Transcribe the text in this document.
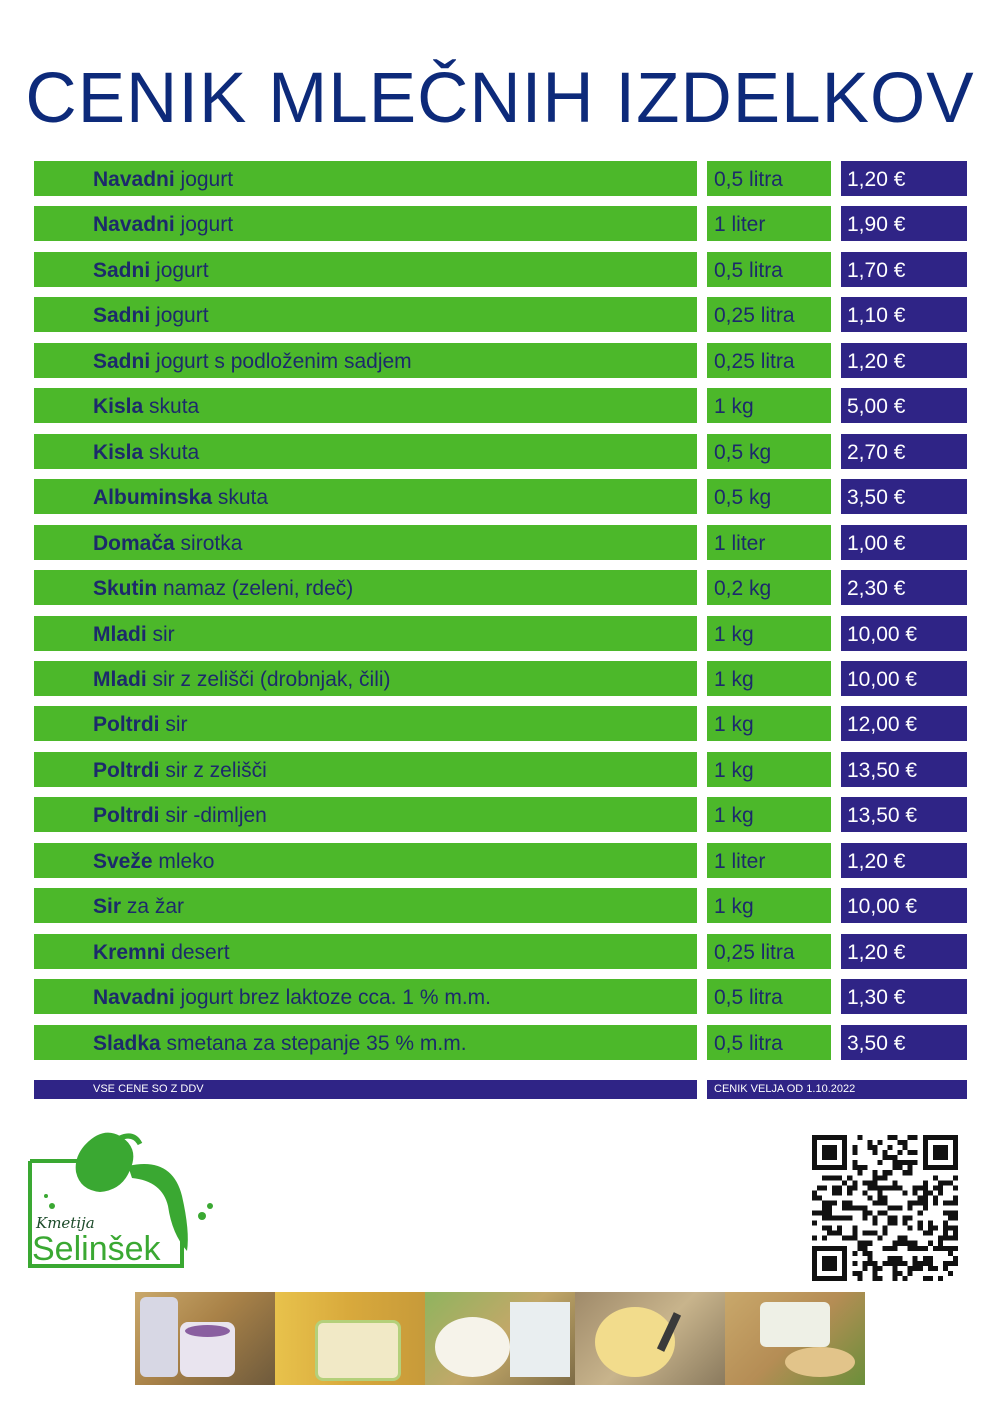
CENIK MLEČNIH IZDELKOV
Navadni jogurt	0,5 litra	1,20 €
Navadni jogurt	1 liter	1,90 €
Sadni jogurt	0,5 litra	1,70 €
Sadni jogurt	0,25 litra	1,10 €
Sadni jogurt s podloženim sadjem	0,25 litra	1,20 €
Kisla skuta	1 kg	5,00 €
Kisla skuta	0,5 kg	2,70 €
Albuminska skuta	0,5 kg	3,50 €
Domača sirotka	1 liter	1,00 €
Skutin namaz (zeleni, rdeč)	0,2 kg	2,30 €
Mladi sir	1 kg	10,00 €
Mladi sir z zelišči (drobnjak, čili)	1 kg	10,00 €
Poltrdi sir	1 kg	12,00 €
Poltrdi sir z zelišči	1 kg	13,50 €
Poltrdi sir -dimljen	1 kg	13,50 €
Sveže mleko	1 liter	1,20 €
Sir za žar	1 kg	10,00 €
Kremni desert	0,25 litra	1,20 €
Navadni jogurt brez laktoze cca. 1 % m.m.	0,5 litra	1,30 €
Sladka smetana za stepanje 35 % m.m.	0,5 litra	3,50 €
VSE CENE SO Z DDV	CENIK VELJA OD 1.10.2022
Kmetija
Selinšek
